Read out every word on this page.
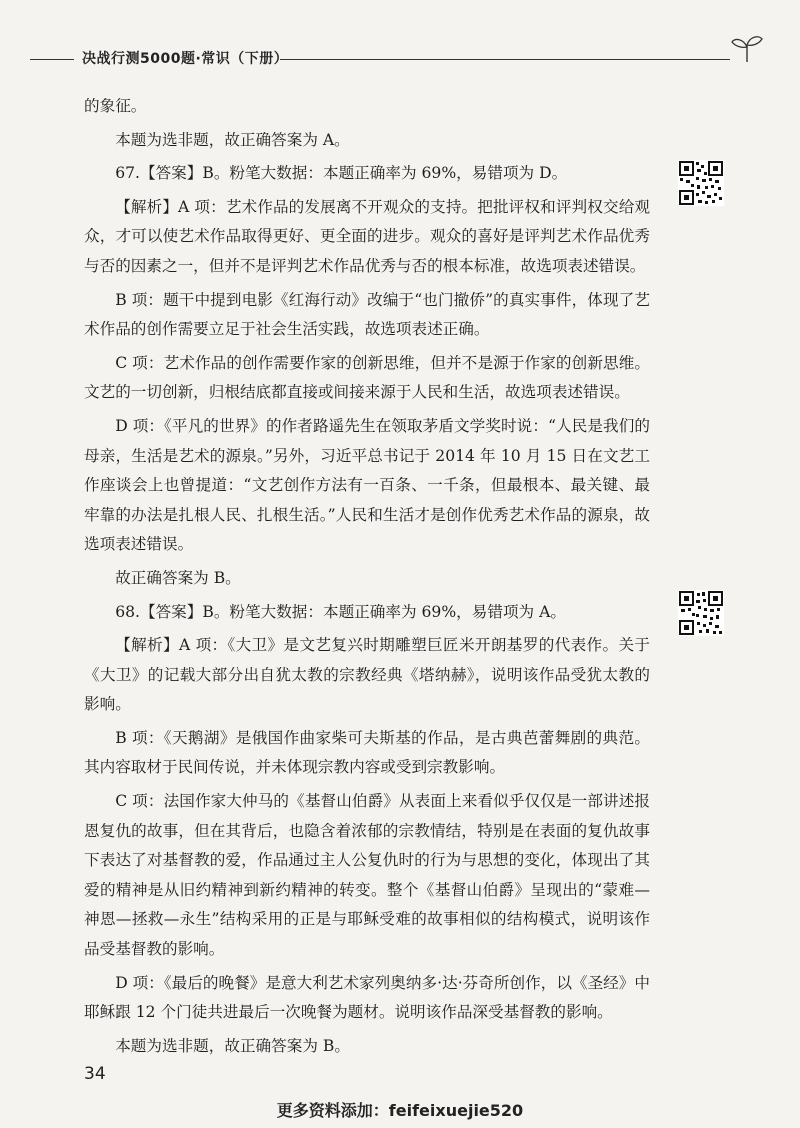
决战行测5000题·常识（下册）

的象征。

本题为选非题，故正确答案为 A。

67.【答案】B。粉笔大数据：本题正确率为 69%，易错项为 D。

【解析】A 项：艺术作品的发展离不开观众的支持。把批评权和评判权交给观众，才可以使艺术作品取得更好、更全面的进步。观众的喜好是评判艺术作品优秀与否的因素之一，但并不是评判艺术作品优秀与否的根本标准，故选项表述错误。

B 项：题干中提到电影《红海行动》改编于“也门撤侨”的真实事件，体现了艺术作品的创作需要立足于社会生活实践，故选项表述正确。

C 项：艺术作品的创作需要作家的创新思维，但并不是源于作家的创新思维。文艺的一切创新，归根结底都直接或间接来源于人民和生活，故选项表述错误。

D 项：《平凡的世界》的作者路遥先生在领取茅盾文学奖时说：“人民是我们的母亲，生活是艺术的源泉。”另外，习近平总书记于 2014 年 10 月 15 日在文艺工作座谈会上也曾提道：“文艺创作方法有一百条、一千条，但最根本、最关键、最牢靠的办法是扎根人民、扎根生活。”人民和生活才是创作优秀艺术作品的源泉，故选项表述错误。

故正确答案为 B。

68.【答案】B。粉笔大数据：本题正确率为 69%，易错项为 A。

【解析】A 项：《大卫》是文艺复兴时期雕塑巨匠米开朗基罗的代表作。关于《大卫》的记载大部分出自犹太教的宗教经典《塔纳赫》，说明该作品受犹太教的影响。

B 项：《天鹅湖》是俄国作曲家柴可夫斯基的作品，是古典芭蕾舞剧的典范。其内容取材于民间传说，并未体现宗教内容或受到宗教影响。

C 项：法国作家大仲马的《基督山伯爵》从表面上来看似乎仅仅是一部讲述报恩复仇的故事，但在其背后，也隐含着浓郁的宗教情结，特别是在表面的复仇故事下表达了对基督教的爱，作品通过主人公复仇时的行为与思想的变化，体现出了其爱的精神是从旧约精神到新约精神的转变。整个《基督山伯爵》呈现出的“蒙难—神恩—拯救—永生”结构采用的正是与耶稣受难的故事相似的结构模式，说明该作品受基督教的影响。

D 项：《最后的晚餐》是意大利艺术家列奥纳多·达·芬奇所创作，以《圣经》中耶稣跟 12 个门徒共进最后一次晚餐为题材。说明该作品深受基督教的影响。

本题为选非题，故正确答案为 B。

34
更多资料添加：feifeixuejie520
